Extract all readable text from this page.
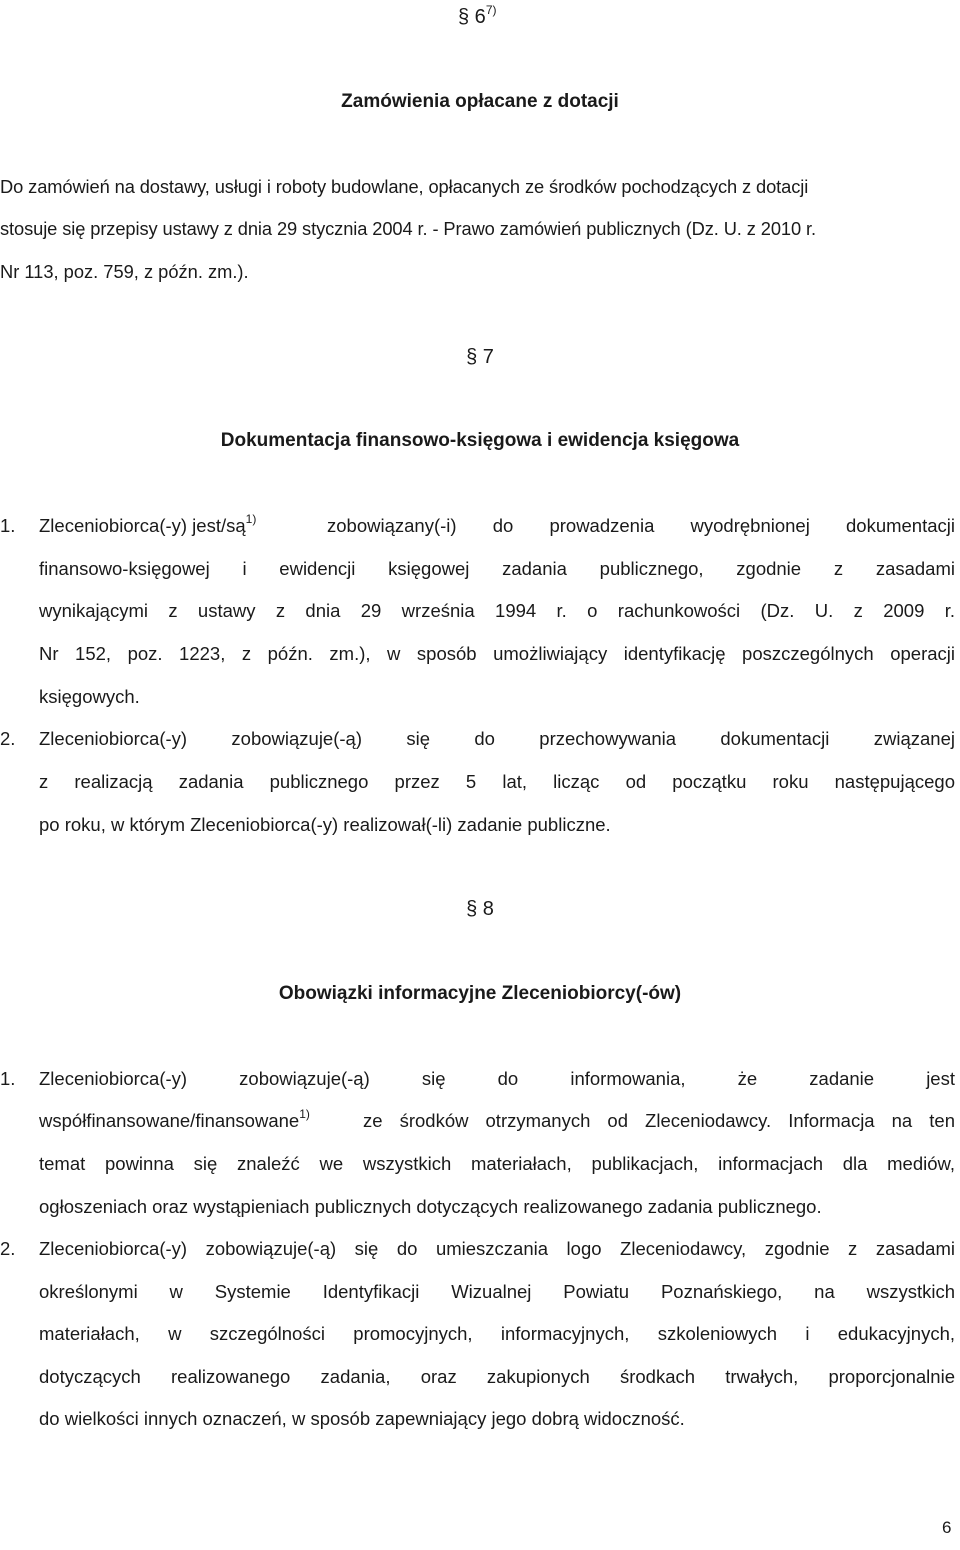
§ 6$^{7)}$
Zamówienia opłacane z dotacji
Do zamówień na dostawy, usługi i roboty budowlane, opłacanych ze środków pochodzących z dotacji
stosuje się przepisy ustawy z dnia 29 stycznia 2004 r. - Prawo zamówień publicznych (Dz. U. z 2010 r.
Nr 113, poz. 759, z późn. zm.).
§ 7
Dokumentacja finansowo-księgowa i ewidencja księgowa
1. Zleceniobiorca(-y) jest/są$^{1)}$	zobowiązany(-i) do prowadzenia wyodrębnionej dokumentacji
finansowo-księgowej i ewidencji księgowej zadania publicznego, zgodnie z zasadami
wynikającymi z ustawy z dnia 29 września 1994 r. o rachunkowości (Dz. U. z 2009 r.
Nr 152, poz. 1223, z późn. zm.), w sposób umożliwiający identyfikację poszczególnych operacji
księgowych.
2. Zleceniobiorca(-y) zobowiązuje(-ą) się do przechowywania dokumentacji związanej
z realizacją zadania publicznego przez 5 lat, licząc od początku roku następującego
po roku, w którym Zleceniobiorca(-y) realizował(-li) zadanie publiczne.
§ 8
Obowiązki informacyjne Zleceniobiorcy(-ów)
1. Zleceniobiorca(-y) zobowiązuje(-ą) się do informowania, że zadanie jest
współfinansowane/finansowane$^{1)}$	ze środków otrzymanych od Zleceniodawcy. Informacja na ten
temat powinna się znaleźć we wszystkich materiałach, publikacjach, informacjach dla mediów,
ogłoszeniach oraz wystąpieniach publicznych dotyczących realizowanego zadania publicznego.
2. Zleceniobiorca(-y) zobowiązuje(-ą) się do umieszczania logo Zleceniodawcy, zgodnie z zasadami
określonymi w Systemie Identyfikacji Wizualnej Powiatu Poznańskiego, na wszystkich
materiałach, w szczególności promocyjnych, informacyjnych, szkoleniowych i edukacyjnych,
dotyczących realizowanego zadania, oraz zakupionych środkach trwałych, proporcjonalnie
do wielkości innych oznaczeń, w sposób zapewniający jego dobrą widoczność.
6
